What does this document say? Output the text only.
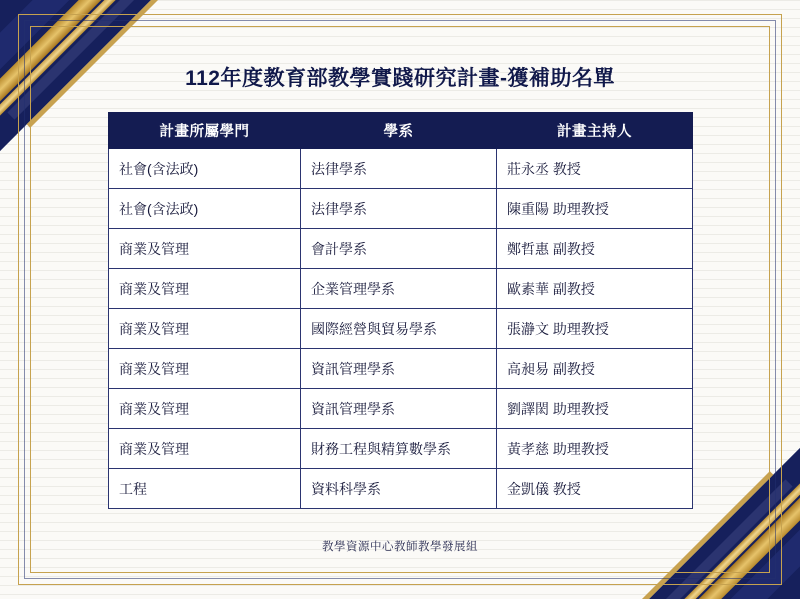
112年度教育部教學實踐研究計畫-獲補助名單
計畫所屬學門	學系	計畫主持人
社會(含法政)	法律學系	莊永丞 教授
社會(含法政)	法律學系	陳重陽 助理教授
商業及管理	會計學系	鄭哲惠 副教授
商業及管理	企業管理學系	歐素華 副教授
商業及管理	國際經營與貿易學系	張瀞文 助理教授
商業及管理	資訊管理學系	高昶易 副教授
商業及管理	資訊管理學系	劉譯閎 助理教授
商業及管理	財務工程與精算數學系	黃孝慈 助理教授
工程	資料科學系	金凱儀 教授
教學資源中心教師教學發展組
